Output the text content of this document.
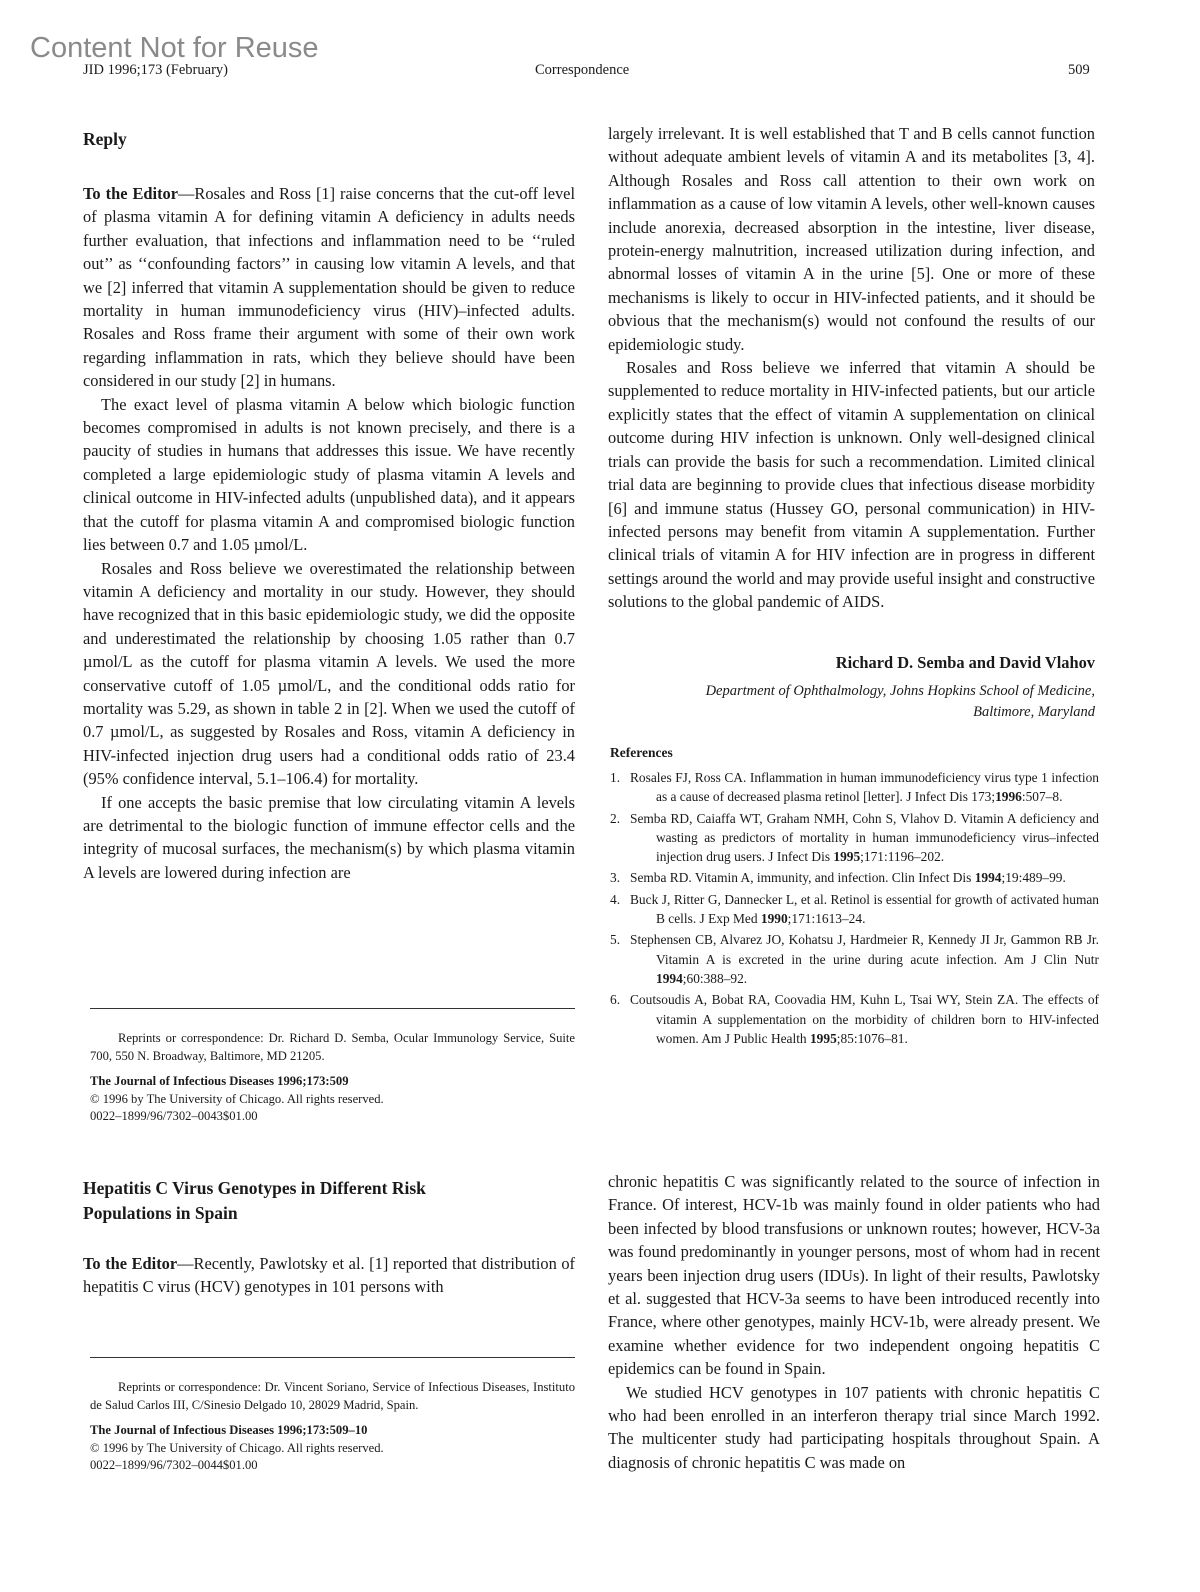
Content Not for Reuse
JID 1996;173 (February)	Correspondence	509
Reply

To the Editor—Rosales and Ross [1] raise concerns that the cut-off level of plasma vitamin A for defining vitamin A deficiency in adults needs further evaluation, that infections and inflammation need to be ‘‘ruled out’’ as ‘‘confounding factors’’ in causing low vitamin A levels, and that we [2] inferred that vitamin A supplementation should be given to reduce mortality in human immunodeficiency virus (HIV)–infected adults. Rosales and Ross frame their argument with some of their own work regarding inflammation in rats, which they believe should have been considered in our study [2] in humans.

The exact level of plasma vitamin A below which biologic function becomes compromised in adults is not known precisely, and there is a paucity of studies in humans that addresses this issue. We have recently completed a large epidemiologic study of plasma vitamin A levels and clinical outcome in HIV-infected adults (unpublished data), and it appears that the cutoff for plasma vitamin A and compromised biologic function lies between 0.7 and 1.05 µmol/L.

Rosales and Ross believe we overestimated the relationship between vitamin A deficiency and mortality in our study. However, they should have recognized that in this basic epidemiologic study, we did the opposite and underestimated the relationship by choosing 1.05 rather than 0.7 µmol/L as the cutoff for plasma vitamin A levels. We used the more conservative cutoff of 1.05 µmol/L, and the conditional odds ratio for mortality was 5.29, as shown in table 2 in [2]. When we used the cutoff of 0.7 µmol/L, as suggested by Rosales and Ross, vitamin A deficiency in HIV-infected injection drug users had a conditional odds ratio of 23.4 (95% confidence interval, 5.1–106.4) for mortality.

If one accepts the basic premise that low circulating vitamin A levels are detrimental to the biologic function of immune effector cells and the integrity of mucosal surfaces, the mechanism(s) by which plasma vitamin A levels are lowered during infection are

Reprints or correspondence: Dr. Richard D. Semba, Ocular Immunology Service, Suite 700, 550 N. Broadway, Baltimore, MD 21205.

The Journal of Infectious Diseases 1996;173:509

© 1996 by The University of Chicago. All rights reserved.

0022–1899/96/7302–0043$01.00

largely irrelevant. It is well established that T and B cells cannot function without adequate ambient levels of vitamin A and its metabolites [3, 4]. Although Rosales and Ross call attention to their own work on inflammation as a cause of low vitamin A levels, other well-known causes include anorexia, decreased absorption in the intestine, liver disease, protein-energy malnutrition, increased utilization during infection, and abnormal losses of vitamin A in the urine [5]. One or more of these mechanisms is likely to occur in HIV-infected patients, and it should be obvious that the mechanism(s) would not confound the results of our epidemiologic study.

Rosales and Ross believe we inferred that vitamin A should be supplemented to reduce mortality in HIV-infected patients, but our article explicitly states that the effect of vitamin A supplementation on clinical outcome during HIV infection is unknown. Only well-designed clinical trials can provide the basis for such a recommendation. Limited clinical trial data are beginning to provide clues that infectious disease morbidity [6] and immune status (Hussey GO, personal communication) in HIV-infected persons may benefit from vitamin A supplementation. Further clinical trials of vitamin A for HIV infection are in progress in different settings around the world and may provide useful insight and constructive solutions to the global pandemic of AIDS.

Richard D. Semba and David Vlahov
Department of Ophthalmology, Johns Hopkins School of Medicine,
Baltimore, Maryland
References
1. Rosales FJ, Ross CA. Inflammation in human immunodeficiency virus type 1 infection as a cause of decreased plasma retinol [letter]. J Infect Dis 173;1996:507–8.
2. Semba RD, Caiaffa WT, Graham NMH, Cohn S, Vlahov D. Vitamin A deficiency and wasting as predictors of mortality in human immunodeficiency virus–infected injection drug users. J Infect Dis 1995;171:1196–202.
3. Semba RD. Vitamin A, immunity, and infection. Clin Infect Dis 1994;19:489–99.
4. Buck J, Ritter G, Dannecker L, et al. Retinol is essential for growth of activated human B cells. J Exp Med 1990;171:1613–24.
5. Stephensen CB, Alvarez JO, Kohatsu J, Hardmeier R, Kennedy JI Jr, Gammon RB Jr. Vitamin A is excreted in the urine during acute infection. Am J Clin Nutr 1994;60:388–92.
6. Coutsoudis A, Bobat RA, Coovadia HM, Kuhn L, Tsai WY, Stein ZA. The effects of vitamin A supplementation on the morbidity of children born to HIV-infected women. Am J Public Health 1995;85:1076–81.
Hepatitis C Virus Genotypes in Different Risk
Populations in Spain

To the Editor—Recently, Pawlotsky et al. [1] reported that distribution of hepatitis C virus (HCV) genotypes in 101 persons with

Reprints or correspondence: Dr. Vincent Soriano, Service of Infectious Diseases, Instituto de Salud Carlos III, C/Sinesio Delgado 10, 28029 Madrid, Spain.

The Journal of Infectious Diseases 1996;173:509–10

© 1996 by The University of Chicago. All rights reserved.

0022–1899/96/7302–0044$01.00

chronic hepatitis C was significantly related to the source of infection in France. Of interest, HCV-1b was mainly found in older patients who had been infected by blood transfusions or unknown routes; however, HCV-3a was found predominantly in younger persons, most of whom had in recent years been injection drug users (IDUs). In light of their results, Pawlotsky et al. suggested that HCV-3a seems to have been introduced recently into France, where other genotypes, mainly HCV-1b, were already present. We examine whether evidence for two independent ongoing hepatitis C epidemics can be found in Spain.

We studied HCV genotypes in 107 patients with chronic hepatitis C who had been enrolled in an interferon therapy trial since March 1992. The multicenter study had participating hospitals throughout Spain. A diagnosis of chronic hepatitis C was made on
